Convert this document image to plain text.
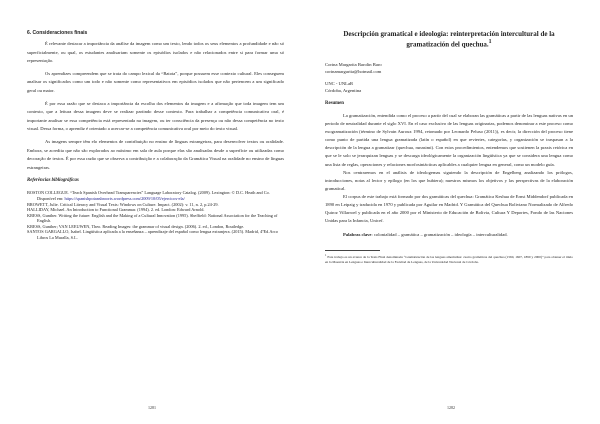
6. Consideraciones finais

É relevante destacar a importância da análise da imagem como um texto, lendo todos os seus elementos a profundidade e não só superficialmente, ou qual, os estudantes analisariam somente os episódios isolados e não relacionados entre si para formar uma só representação.

Os aprendizes compreendem que se trata do campo lexical da “Batota”, porque possuem esse contexto cultural. Eles conseguem analisar os significados como um todo e não somente como representativos em episódios isolados que não pertencem a um significado geral ou maior.

É por essa razão que se destaca a importância da escolha dos elementos da imagem e a afirmação que toda imagem tem um contexto, que a leitura dessa imagem deve se realizar partindo desse contexto. Para trabalhar a competência comunicativa oral, é importante analisar se essa competência está representada na imagem, ou ter consciência da presença ou não dessa competência no texto visual. Dessa forma, o aprendiz é orientado a acercar-se a competência comunicativa oral por meio do texto visual.

As imagens sempre têm elo elementos de contribuição no ensino de línguas estrangeiras, para desenvolver textos ou oralidade. Embora, se acredita que não são explorados ao máximo em sala de aula porque elas são analisadas desde a superfície ou utilizadas como decoração de textos. É por essa razão que se observa a contribuição e a colaboração da Gramática Visual na oralidade no ensino de línguas estrangeiras.

Referências bibliográficas

BOSTON COLLEGUE. “Teach Spanish Overhead Transparencies” Language Laboratory Catalog. (2009). Lexington: © D.C. Heath and Co. Disponível em: https://spanishpotansbroorts.wordpress.com/2009/10/05/ejercicos-ela/

BROWETT, Julie. Critical Literacy and Visual Texts: Windows on Culture. Impact. (2002): v. 11, n. 2, p.24-29.

HALLIDAY, Michael. An Introduction to Functional Grammar. (1994). 2. ed. London: Edward Arnold.

KRESS, Gunther. Writing the future: English and the Making of a Cultural Innovation (1995). Sheffield: National Association for the Teaching of English.

KRESS, Gunther; VAN LEEUWEN, Theo. Reading Images: the grammar of visual design. (2006). 2. ed., London, Routledge.

SANTOS GARGALLO, Isabel. Lingüística aplicada a la enseñanza – aprendizaje del español como lengua extranjera. (2015). Madrid, 4ºEd.Arco Libros La Muralla, S.L.

1281
Descripción gramatical e ideología: reinterpretación intercultural de la gramatización del quechua.$^1$

Corina Margarita Barolin Baro

corinamargarita@hotmail.com

UNC - UNLaR

Córdoba, Argentina

Resumen

La gramatización, entendida como el proceso a partir del cual se elaboran las gramáticas a partir de las lenguas nativas en un periodo de neutralidad durante el siglo XVI. En el caso exclusivo de las lenguas originarias, podemos denominar a este proceso como exogramatización (término de Sylvain Auroux 1994, retomado por Leonardo Peluso (2011)), es decir, la dirección del proceso tiene como punto de partida una lengua gramatizada (latín o español) en que reviertes, categorías, y organización se traspasan a la descripción de la lengua a gramatizar (quechua, runasimi). Con estos procedimientos, entendemos que sostienen la praxis retórica en que se le solo se jerarquizan lenguas y se descarga ideológicamente la organización lingüística ya que se considera una lengua como una lista de reglas, operaciones y relaciones morfosintácticas aplicables a cualquier lengua en general, como un modelo guía.

Nos centraremos en el análisis de ideologemas siguiendo la descripción de Engelberg analizando los prólogos, introducciones, notas al lector y epílogo (en los que hubiera); nuestros mismos los objetivos y las perspectivas de la elaboración gramatical.

El corpus de este trabajo está formado por dos gramáticas del quechua: Gramática Keshua de Ernst Middendorf publicada en 1890 en Leipzig y traducida en 1970 y publicada por Aguilar en Madrid. Y Gramática del Quechua Boliviano Normalizado de Alfredo Quiroz Villarroel y publicada en el año 2000 por el Ministerio de Educación de Bolivia, Cultura Y Deportes, Fondo de las Naciones Unidas para la Infancia, Unicef.

Palabras clave: colonialidad – gramática – gramatización – ideología – interculturalidad.

$^1$ Este trabajo es un avance de la Tesis Final denominada “Gramatización de las lenguas amerindias: cuatro gramáticas del quechua (1560, 1607, 1890 y 2000)” para obtener el título en la Maestría en Lenguas e Interculturalidad de la Facultad de Lenguas, de la Universidad Nacional de Córdoba.

1282
